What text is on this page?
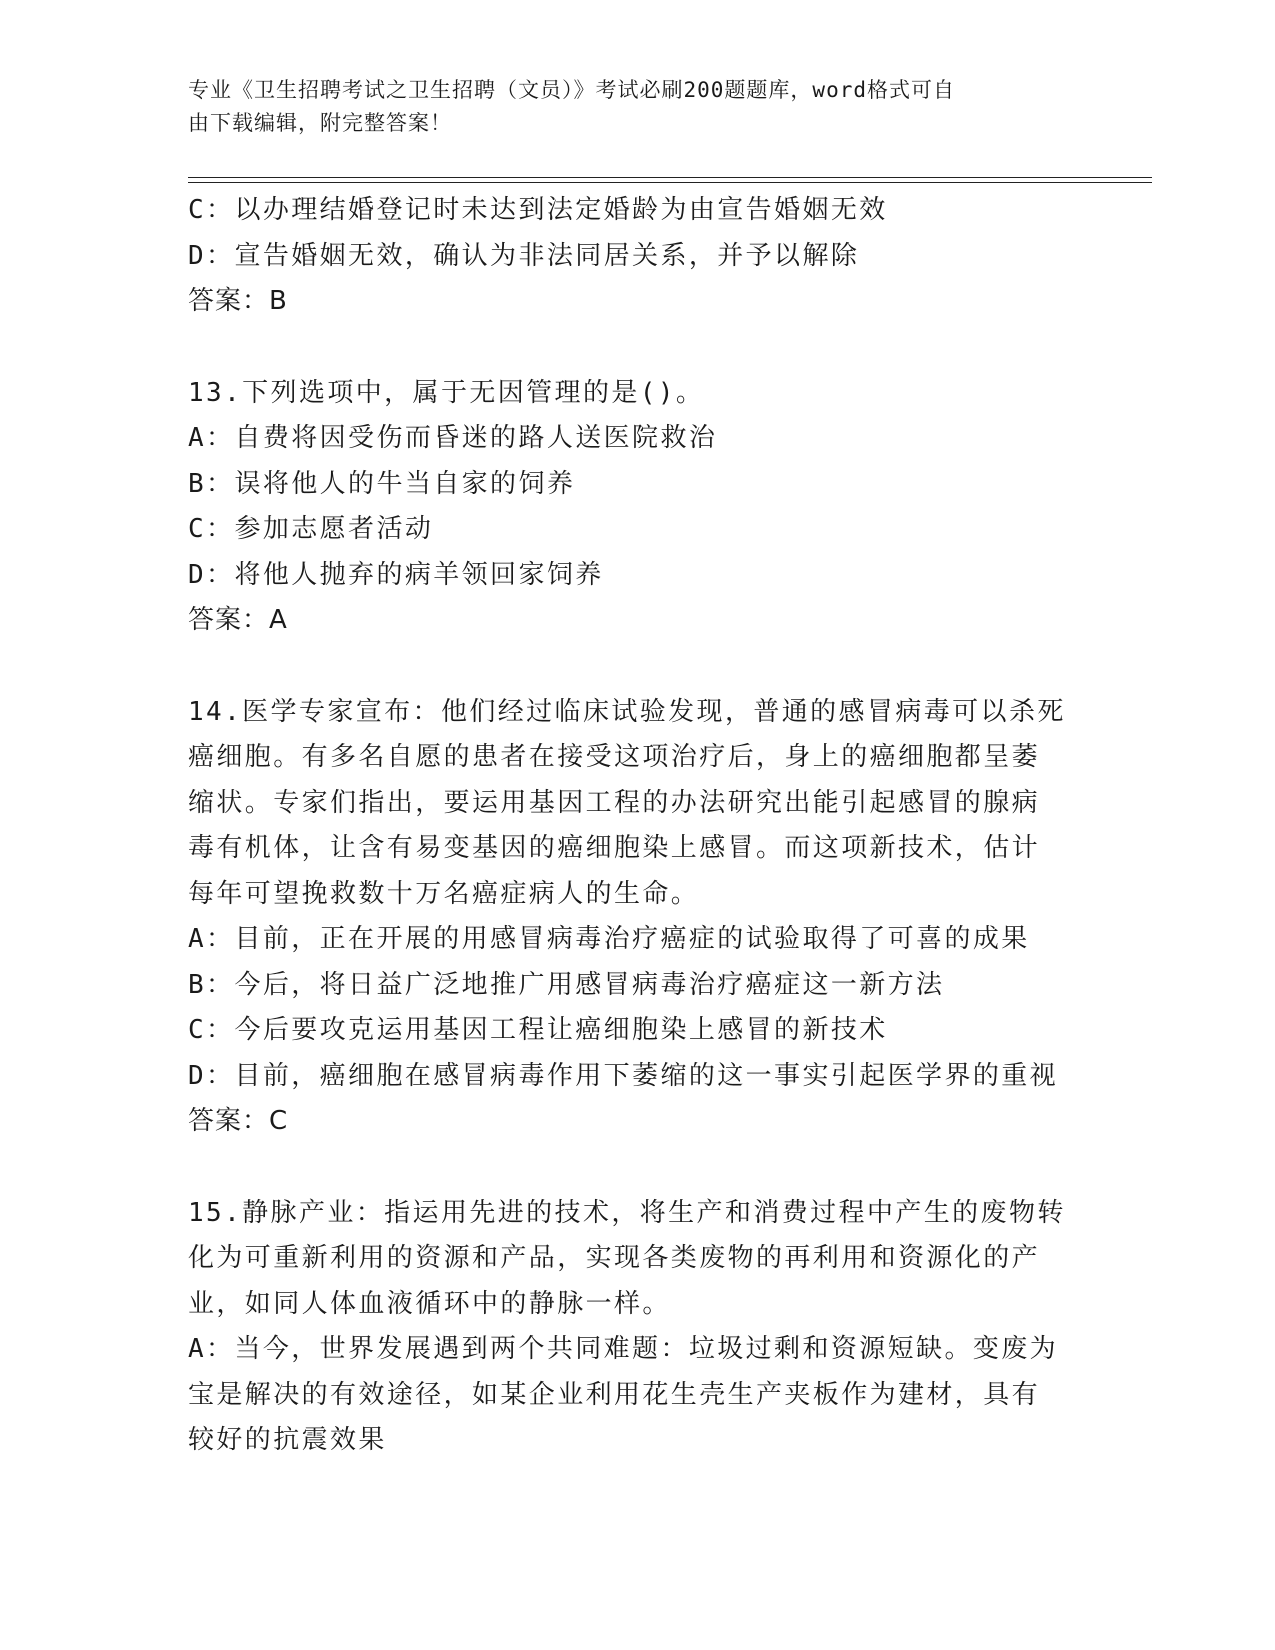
专业《卫生招聘考试之卫生招聘（文员）》考试必刷200题题库，word格式可自
由下载编辑，附完整答案！
C：以办理结婚登记时未达到法定婚龄为由宣告婚姻无效
D：宣告婚姻无效，确认为非法同居关系，并予以解除
答案：B
13.下列选项中，属于无因管理的是()。
A：自费将因受伤而昏迷的路人送医院救治
B：误将他人的牛当自家的饲养
C：参加志愿者活动
D：将他人抛弃的病羊领回家饲养
答案：A
14.医学专家宣布：他们经过临床试验发现，普通的感冒病毒可以杀死
癌细胞。有多名自愿的患者在接受这项治疗后，身上的癌细胞都呈萎
缩状。专家们指出，要运用基因工程的办法研究出能引起感冒的腺病
毒有机体，让含有易变基因的癌细胞染上感冒。而这项新技术，估计
每年可望挽救数十万名癌症病人的生命。
A：目前，正在开展的用感冒病毒治疗癌症的试验取得了可喜的成果
B：今后，将日益广泛地推广用感冒病毒治疗癌症这一新方法
C：今后要攻克运用基因工程让癌细胞染上感冒的新技术
D：目前，癌细胞在感冒病毒作用下萎缩的这一事实引起医学界的重视
答案：C
15.静脉产业：指运用先进的技术，将生产和消费过程中产生的废物转
化为可重新利用的资源和产品，实现各类废物的再利用和资源化的产
业，如同人体血液循环中的静脉一样。
A：当今，世界发展遇到两个共同难题：垃圾过剩和资源短缺。变废为
宝是解决的有效途径，如某企业利用花生壳生产夹板作为建材，具有
较好的抗震效果
